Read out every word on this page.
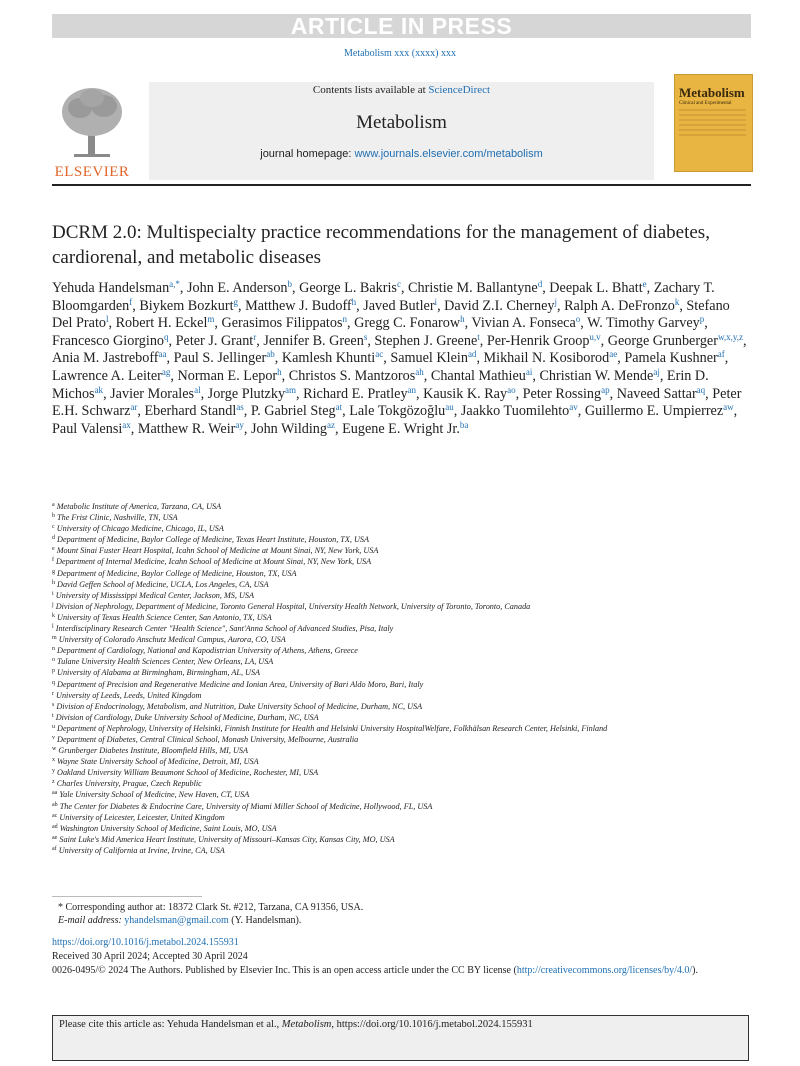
ARTICLE IN PRESS
Metabolism xxx (xxxx) xxx
ELSEVIER
Contents lists available at ScienceDirect
Metabolism
journal homepage: www.journals.elsevier.com/metabolism
Metabolism
Clinical and Experimental
DCRM 2.0: Multispecialty practice recommendations for the management of diabetes, cardiorenal, and metabolic diseases
Yehuda Handelsman$^{a,*}$, John E. Anderson$^b$, George L. Bakris$^c$, Christie M. Ballantyne$^d$, Deepak L. Bhatt$^e$, Zachary T. Bloomgarden$^f$, Biykem Bozkurt$^g$, Matthew J. Budoff$^h$, Javed Butler$^i$, David Z.I. Cherney$^j$, Ralph A. DeFronzo$^k$, Stefano Del Prato$^l$, Robert H. Eckel$^m$, Gerasimos Filippatos$^n$, Gregg C. Fonarow$^h$, Vivian A. Fonseca$^o$, W. Timothy Garvey$^p$, Francesco Giorgino$^q$, Peter J. Grant$^r$, Jennifer B. Green$^s$, Stephen J. Greene$^t$, Per-Henrik Groop$^{u,v}$, George Grunberger$^{w,x,y,z}$, Ania M. Jastreboff$^{aa}$, Paul S. Jellinger$^{ab}$, Kamlesh Khunti$^{ac}$, Samuel Klein$^{ad}$, Mikhail N. Kosiborod$^{ae}$, Pamela Kushner$^{af}$, Lawrence A. Leiter$^{ag}$, Norman E. Lepor$^h$, Christos S. Mantzoros$^{ah}$, Chantal Mathieu$^{ai}$, Christian W. Mende$^{aj}$, Erin D. Michos$^{ak}$, Javier Morales$^{al}$, Jorge Plutzky$^{am}$, Richard E. Pratley$^{an}$, Kausik K. Ray$^{ao}$, Peter Rossing$^{ap}$, Naveed Sattar$^{aq}$, Peter E.H. Schwarz$^{ar}$, Eberhard Standl$^{as}$, P. Gabriel Steg$^{at}$, Lale Tokgözoğlu$^{au}$, Jaakko Tuomilehto$^{av}$, Guillermo E. Umpierrez$^{aw}$, Paul Valensi$^{ax}$, Matthew R. Weir$^{ay}$, John Wilding$^{az}$, Eugene E. Wright Jr.$^{ba}$
$^a$ Metabolic Institute of America, Tarzana, CA, USA
$^b$ The Frist Clinic, Nashville, TN, USA
$^c$ University of Chicago Medicine, Chicago, IL, USA
$^d$ Department of Medicine, Baylor College of Medicine, Texas Heart Institute, Houston, TX, USA
$^e$ Mount Sinai Fuster Heart Hospital, Icahn School of Medicine at Mount Sinai, NY, New York, USA
$^f$ Department of Internal Medicine, Icahn School of Medicine at Mount Sinai, NY, New York, USA
$^g$ Department of Medicine, Baylor College of Medicine, Houston, TX, USA
$^h$ David Geffen School of Medicine, UCLA, Los Angeles, CA, USA
$^i$ University of Mississippi Medical Center, Jackson, MS, USA
$^j$ Division of Nephrology, Department of Medicine, Toronto General Hospital, University Health Network, University of Toronto, Toronto, Canada
$^k$ University of Texas Health Science Center, San Antonio, TX, USA
$^l$ Interdisciplinary Research Center "Health Science", Sant'Anna School of Advanced Studies, Pisa, Italy
$^m$ University of Colorado Anschutz Medical Campus, Aurora, CO, USA
$^n$ Department of Cardiology, National and Kapodistrian University of Athens, Athens, Greece
$^o$ Tulane University Health Sciences Center, New Orleans, LA, USA
$^p$ University of Alabama at Birmingham, Birmingham, AL, USA
$^q$ Department of Precision and Regenerative Medicine and Ionian Area, University of Bari Aldo Moro, Bari, Italy
$^r$ University of Leeds, Leeds, United Kingdom
$^s$ Division of Endocrinology, Metabolism, and Nutrition, Duke University School of Medicine, Durham, NC, USA
$^t$ Division of Cardiology, Duke University School of Medicine, Durham, NC, USA
$^u$ Department of Nephrology, University of Helsinki, Finnish Institute for Health and Helsinki University HospitalWelfare, Folkhälsan Research Center, Helsinki, Finland
$^v$ Department of Diabetes, Central Clinical School, Monash University, Melbourne, Australia
$^w$ Grunberger Diabetes Institute, Bloomfield Hills, MI, USA
$^x$ Wayne State University School of Medicine, Detroit, MI, USA
$^y$ Oakland University William Beaumont School of Medicine, Rochester, MI, USA
$^z$ Charles University, Prague, Czech Republic
$^{aa}$ Yale University School of Medicine, New Haven, CT, USA
$^{ab}$ The Center for Diabetes & Endocrine Care, University of Miami Miller School of Medicine, Hollywood, FL, USA
$^{ac}$ University of Leicester, Leicester, United Kingdom
$^{ad}$ Washington University School of Medicine, Saint Louis, MO, USA
$^{ae}$ Saint Luke's Mid America Heart Institute, University of Missouri–Kansas City, Kansas City, MO, USA
$^{af}$ University of California at Irvine, Irvine, CA, USA
* Corresponding author at: 18372 Clark St. #212, Tarzana, CA 91356, USA.
E-mail address: yhandelsman@gmail.com (Y. Handelsman).
https://doi.org/10.1016/j.metabol.2024.155931
Received 30 April 2024; Accepted 30 April 2024
0026-0495/© 2024 The Authors. Published by Elsevier Inc. This is an open access article under the CC BY license (http://creativecommons.org/licenses/by/4.0/).
Please cite this article as: Yehuda Handelsman et al., Metabolism, https://doi.org/10.1016/j.metabol.2024.155931
